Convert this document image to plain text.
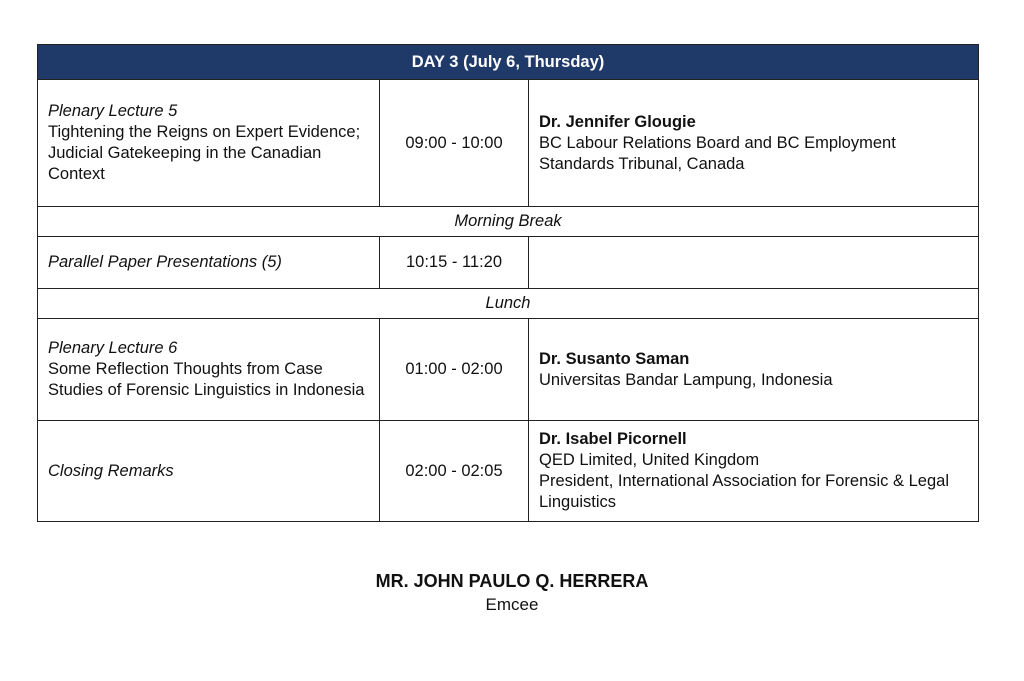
DAY 3 (July 6, Thursday)		

Plenary Lecture 5
Tightening the Reigns on Expert Evidence; Judicial Gatekeeping in the Canadian Context	09:00 - 10:00	Dr. Jennifer Glougie
BC Labour Relations Board and BC Employment Standards Tribunal, Canada

Morning Break		

Parallel Paper Presentations (5)	10:15 - 11:20	
Lunch		

Plenary Lecture 6
Some Reflection Thoughts from Case Studies of Forensic Linguistics in Indonesia	01:00 - 02:00	Dr. Susanto Saman
Universitas Bandar Lampung, Indonesia

Closing Remarks	02:00 - 02:05	Dr. Isabel Picornell
QED Limited, United Kingdom
President, International Association for Forensic & Legal Linguistics
MR. JOHN PAULO Q. HERRERA
Emcee
